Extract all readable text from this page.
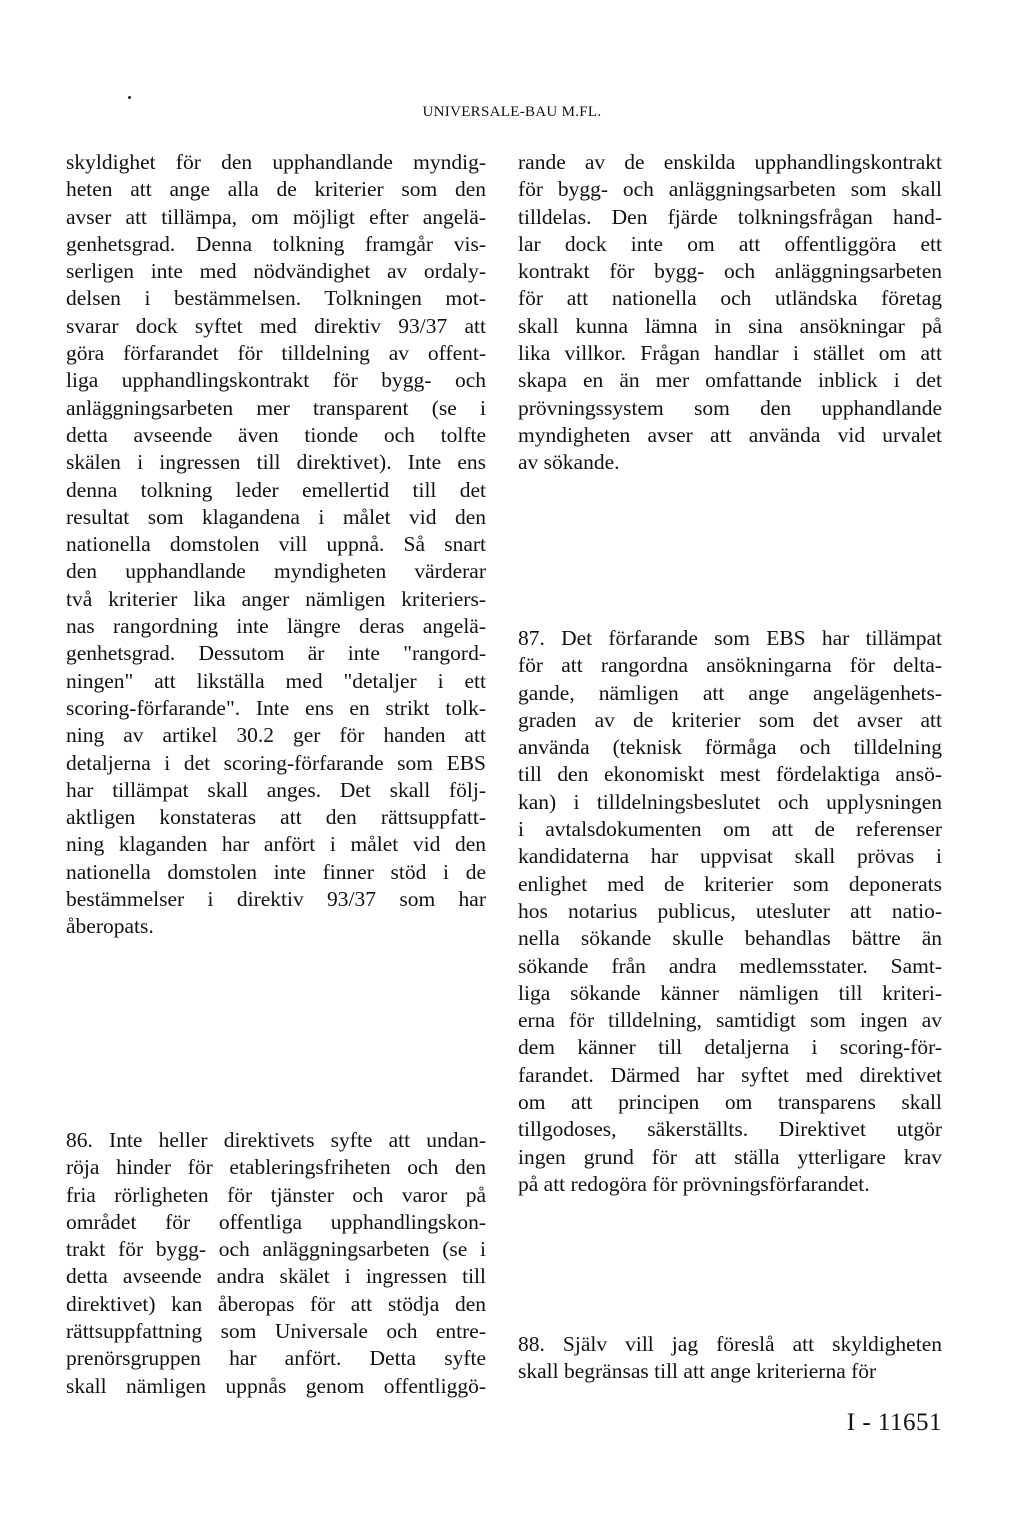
UNIVERSALE-BAU M.FL.
skyldighet för den upphandlande myndig-
heten att ange alla de kriterier som den
avser att tillämpa, om möjligt efter angelä-
genhetsgrad. Denna tolkning framgår vis-
serligen inte med nödvändighet av ordaly-
delsen i bestämmelsen. Tolkningen mot-
svarar dock syftet med direktiv 93/37 att
göra förfarandet för tilldelning av offent-
liga upphandlingskontrakt för bygg- och
anläggningsarbeten mer transparent (se i
detta avseende även tionde och tolfte
skälen i ingressen till direktivet). Inte ens
denna tolkning leder emellertid till det
resultat som klagandena i målet vid den
nationella domstolen vill uppnå. Så snart
den upphandlande myndigheten värderar
två kriterier lika anger nämligen kriteriers-
nas rangordning inte längre deras angelä-
genhetsgrad. Dessutom är inte "rangord-
ningen" att likställa med "detaljer i ett
scoring-förfarande". Inte ens en strikt tolk-
ning av artikel 30.2 ger för handen att
detaljerna i det scoring-förfarande som EBS
har tillämpat skall anges. Det skall följ-
aktligen konstateras att den rättsuppfatt-
ning klaganden har anfört i målet vid den
nationella domstolen inte finner stöd i de
bestämmelser i direktiv 93/37 som har
åberopats.
86. Inte heller direktivets syfte att undan-
röja hinder för etableringsfriheten och den
fria rörligheten för tjänster och varor på
området för offentliga upphandlingskon-
trakt för bygg- och anläggningsarbeten (se i
detta avseende andra skälet i ingressen till
direktivet) kan åberopas för att stödja den
rättsuppfattning som Universale och entre-
prenörsgruppen har anfört. Detta syfte
skall nämligen uppnås genom offentliggö-
rande av de enskilda upphandlingskontrakt
för bygg- och anläggningsarbeten som skall
tilldelas. Den fjärde tolkningsfrågan hand-
lar dock inte om att offentliggöra ett
kontrakt för bygg- och anläggningsarbeten
för att nationella och utländska företag
skall kunna lämna in sina ansökningar på
lika villkor. Frågan handlar i stället om att
skapa en än mer omfattande inblick i det
prövningssystem som den upphandlande
myndigheten avser att använda vid urvalet
av sökande.
87. Det förfarande som EBS har tillämpat
för att rangordna ansökningarna för delta-
gande, nämligen att ange angelägenhets-
graden av de kriterier som det avser att
använda (teknisk förmåga och tilldelning
till den ekonomiskt mest fördelaktiga ansö-
kan) i tilldelningsbeslutet och upplysningen
i avtalsdokumenten om att de referenser
kandidaterna har uppvisat skall prövas i
enlighet med de kriterier som deponerats
hos notarius publicus, utesluter att natio-
nella sökande skulle behandlas bättre än
sökande från andra medlemsstater. Samt-
liga sökande känner nämligen till kriteri-
erna för tilldelning, samtidigt som ingen av
dem känner till detaljerna i scoring-för-
farandet. Därmed har syftet med direktivet
om att principen om transparens skall
tillgodoses, säkerställts. Direktivet utgör
ingen grund för att ställa ytterligare krav
på att redogöra för prövningsförfarandet.
88. Själv vill jag föreslå att skyldigheten
skall begränsas till att ange kriterierna för
I - 11651
